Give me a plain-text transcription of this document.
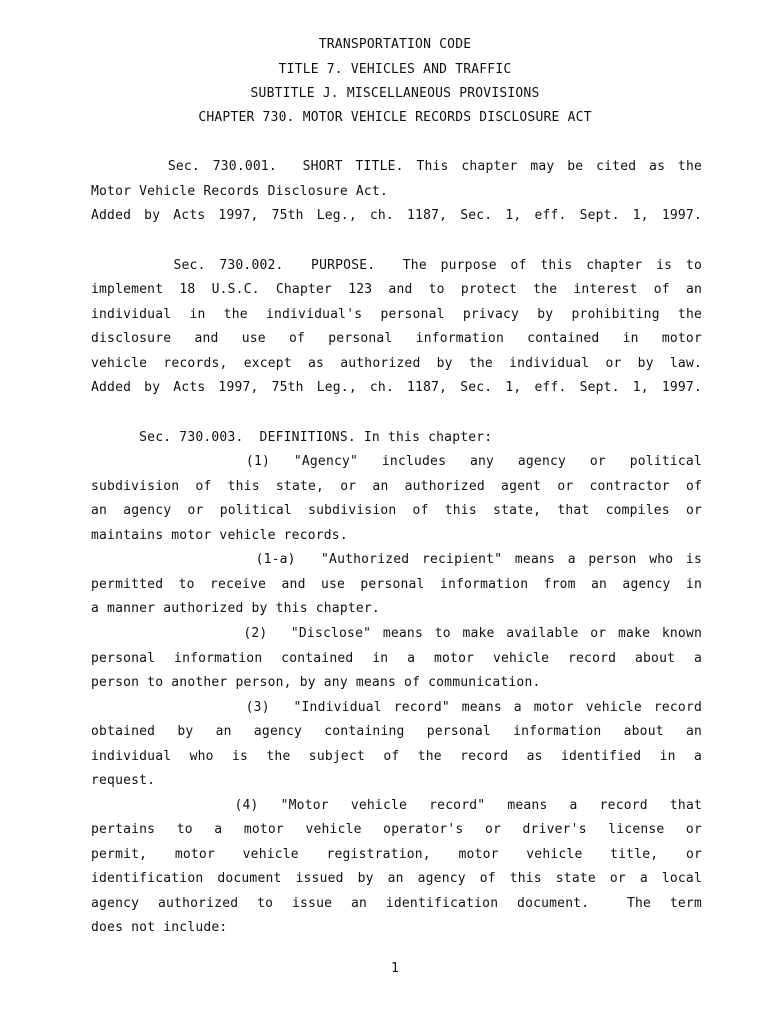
TRANSPORTATION CODE
TITLE 7. VEHICLES AND TRAFFIC
SUBTITLE J. MISCELLANEOUS PROVISIONS
CHAPTER 730. MOTOR VEHICLE RECORDS DISCLOSURE ACT
Sec. 730.001.  SHORT TITLE. This chapter may be cited as the
Motor Vehicle Records Disclosure Act.
Added by Acts 1997, 75th Leg., ch. 1187, Sec. 1, eff. Sept. 1, 1997.
Sec. 730.002.  PURPOSE.  The purpose of this chapter is to
implement 18 U.S.C. Chapter 123 and to protect the interest of an
individual in the individual's personal privacy by prohibiting the
disclosure and use of personal information contained in motor
vehicle records, except as authorized by the individual or by law.
Added by Acts 1997, 75th Leg., ch. 1187, Sec. 1, eff. Sept. 1, 1997.
Sec. 730.003.  DEFINITIONS. In this chapter:
(1)  "Agency"  includes  any  agency  or  political
subdivision of this state, or an authorized agent or contractor of
an agency or political subdivision of this state, that compiles or
maintains motor vehicle records.
(1-a)  "Authorized recipient" means a person who is
permitted to receive and use personal information from an agency in
a manner authorized by this chapter.
(2)  "Disclose" means to make available or make known
personal information contained in a motor vehicle record about a
person to another person, by any means of communication.
(3)  "Individual record" means a motor vehicle record
obtained by an agency containing personal information about an
individual who is the subject of the record as identified in a
request.
(4)  "Motor  vehicle  record"  means  a  record  that
pertains to a motor vehicle operator's or driver's license or
permit, motor vehicle registration, motor vehicle title, or
identification document issued by an agency of this state or a local
agency authorized to issue an identification document.  The term
does not include:
1
